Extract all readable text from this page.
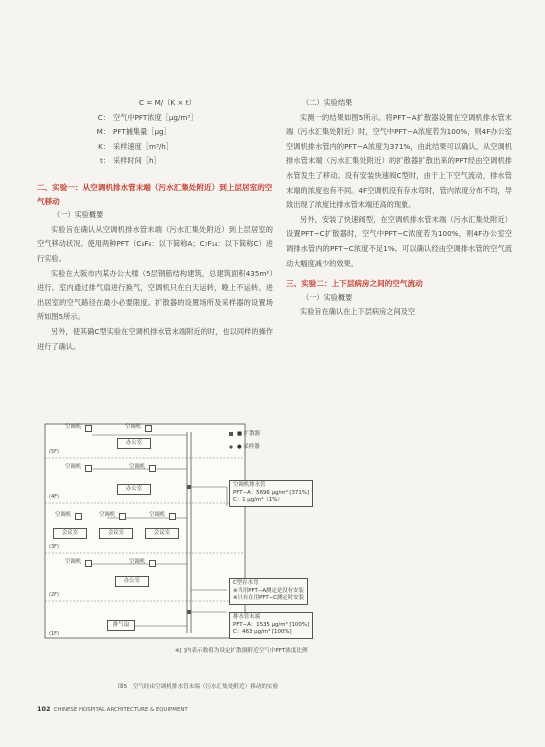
C = M/（K × t）
C： 空气中PFT浓度［μg/m³］
M： PFT捕集量［μg］
K： 采样速度［m³/h］
t： 采样时间［h］
二、实验一：从空调机排水管末端（污水汇集处附近）到上层居室的空气移动
（一）实验概要
实验旨在确认从空调机排水管末端（污水汇集处附近）到上层居室的空气移动状况。使用两种PFT（C₆F₆：以下简称A；C₇F₁₄：以下简称C）进行实验。
实验在大阪市内某办公大楼（5层钢筋结构建筑，总建筑面积435m²）进行。室内通过排气扇进行换气，空调机只在白天运转，晚上不运转。进出居室的空气路径在最小必要限度。扩散器的设置场所及采样器的设置场所如图5所示。
另外，使其确C型实验在空调机排水管末端附近的时，也以同样的操作进行了确认。
（二）实验结果
实测一的结果如图5所示。将PFT−A扩散器设置在空调机排水管末端（污水汇集处附近）时，空气中PFT−A浓度若为100%，则4F办公室空调机排水管内的PFT−A浓度为371%，由此结果可以确认，从空调机排水管末端（污水汇集处附近）的扩散器扩散出来的PFT经由空调机排水管发生了移动。没有安装快速阀C型时，由于上下空气流动，排水管末端的浓度也有不同。4F空调机没有存水弯时，管内浓度分布不均，导致出现了浓度比排水管末端还高的现象。
另外，安装了快速阀型，在空调机排水管末端（污水汇集处附近）设置PFT−C扩散器时，空气中PFT−C浓度若为100%，则4F办公室空调排水管内的PFT−C浓度不足1%。可以确认经由空调排水管的空气流动大幅度减少的效果。
三、实验二：上下层病房之间的空气流动
（一）实验概要
实验旨在确认在上下层病房之间及空
(5F)
(4F)
(3F)
(2F)
(1F)
空调机	空调机
办公室
空调机	空调机
办公室
空调机	空调机	空调机
会议室	会议室	会议室
空调机	空调机
办公室
排气扇
■ 扩散器
● 采样器
空调机排水管
PFT−A：5696 μg/m³ [371%]
C：1 μg/m³（1%）
C型存水弯
※当用PFT−A测定是没有安装
※只有在用PFT−C测定时安装
排水管末端
PFT−A：1535 μg/m³ [100%]
C：463 μg/m³ [100%]
※[ ]内表示数值为设定扩散器附近空气中PFT浓度比例
图5　空气经由空调机排水管末端（污水汇集处附近）移动的实验
102 CHINESE HOSPITAL ARCHITECTURE & EQUIPMENT
